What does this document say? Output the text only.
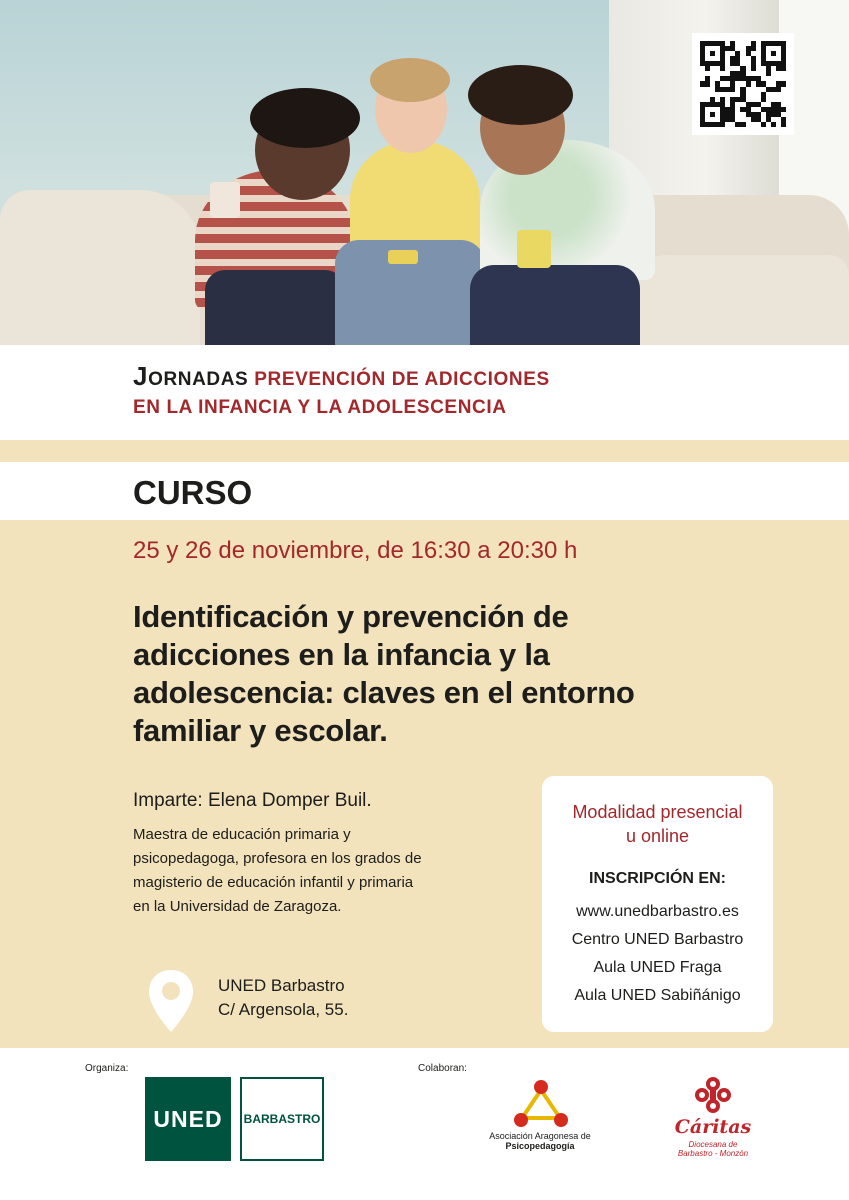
JORNADAS PREVENCIÓN DE ADICCIONES
EN LA INFANCIA Y LA ADOLESCENCIA
CURSO
25 y 26 de noviembre, de 16:30 a 20:30 h
Identificación y prevención de
adicciones en la infancia y la
adolescencia: claves en el entorno
familiar y escolar.
Imparte: Elena Domper Buil.
Maestra de educación primaria y
psicopedagoga, profesora en los grados de
magisterio de educación infantil y primaria
en la Universidad de Zaragoza.
UNED Barbastro
C/ Argensola, 55.
Modalidad presencial
u online
INSCRIPCIÓN EN:
www.unedbarbastro.es
Centro UNED Barbastro
Aula UNED Fraga
Aula UNED Sabiñánigo
Organiza:	Colaboran:
UNED	BARBASTRO
Asociación Aragonesa de
Psicopedagogía
Cáritas
Diocesana de
Barbastro - Monzón
